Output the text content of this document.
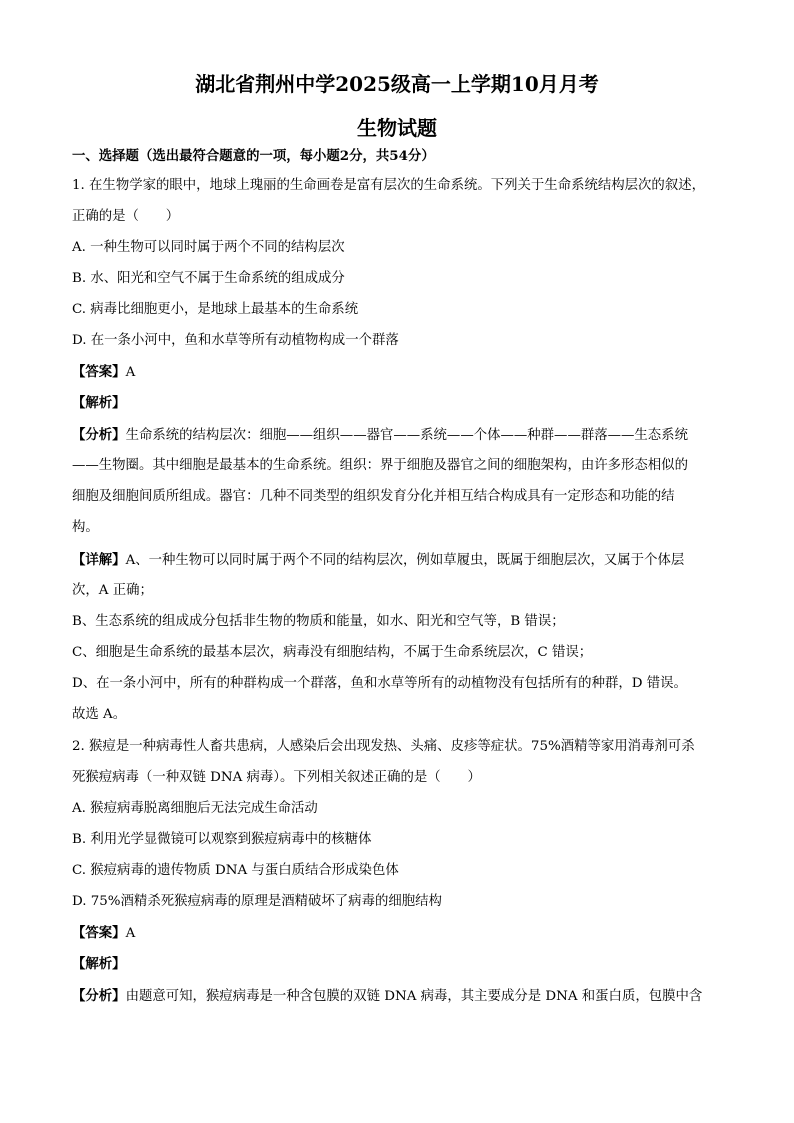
湖北省荆州中学2025级高一上学期10月月考
生物试题
一、选择题（选出最符合题意的一项，每小题2分，共54分）
1. 在生物学家的眼中，地球上瑰丽的生命画卷是富有层次的生命系统。下列关于生命系统结构层次的叙述，
正确的是（　　）
A. 一种生物可以同时属于两个不同的结构层次
B. 水、阳光和空气不属于生命系统的组成成分
C. 病毒比细胞更小，是地球上最基本的生命系统
D. 在一条小河中，鱼和水草等所有动植物构成一个群落
【答案】A
【解析】
【分析】生命系统的结构层次：细胞——组织——器官——系统——个体——种群——群落——生态系统
——生物圈。其中细胞是最基本的生命系统。组织：界于细胞及器官之间的细胞架构，由许多形态相似的
细胞及细胞间质所组成。器官：几种不同类型的组织发育分化并相互结合构成具有一定形态和功能的结
构。
【详解】A、一种生物可以同时属于两个不同的结构层次，例如草履虫，既属于细胞层次，又属于个体层
次，A 正确；
B、生态系统的组成成分包括非生物的物质和能量，如水、阳光和空气等，B 错误；
C、细胞是生命系统的最基本层次，病毒没有细胞结构，不属于生命系统层次，C 错误；
D、在一条小河中，所有的种群构成一个群落，鱼和水草等所有的动植物没有包括所有的种群，D 错误。
故选 A。
2. 猴痘是一种病毒性人畜共患病，人感染后会出现发热、头痛、皮疹等症状。75%酒精等家用消毒剂可杀
死猴痘病毒（一种双链 DNA 病毒）。下列相关叙述正确的是（　　）
A. 猴痘病毒脱离细胞后无法完成生命活动
B. 利用光学显微镜可以观察到猴痘病毒中的核糖体
C. 猴痘病毒的遗传物质 DNA 与蛋白质结合形成染色体
D. 75%酒精杀死猴痘病毒的原理是酒精破坏了病毒的细胞结构
【答案】A
【解析】
【分析】由题意可知，猴痘病毒是一种含包膜的双链 DNA 病毒，其主要成分是 DNA 和蛋白质，包膜中含
